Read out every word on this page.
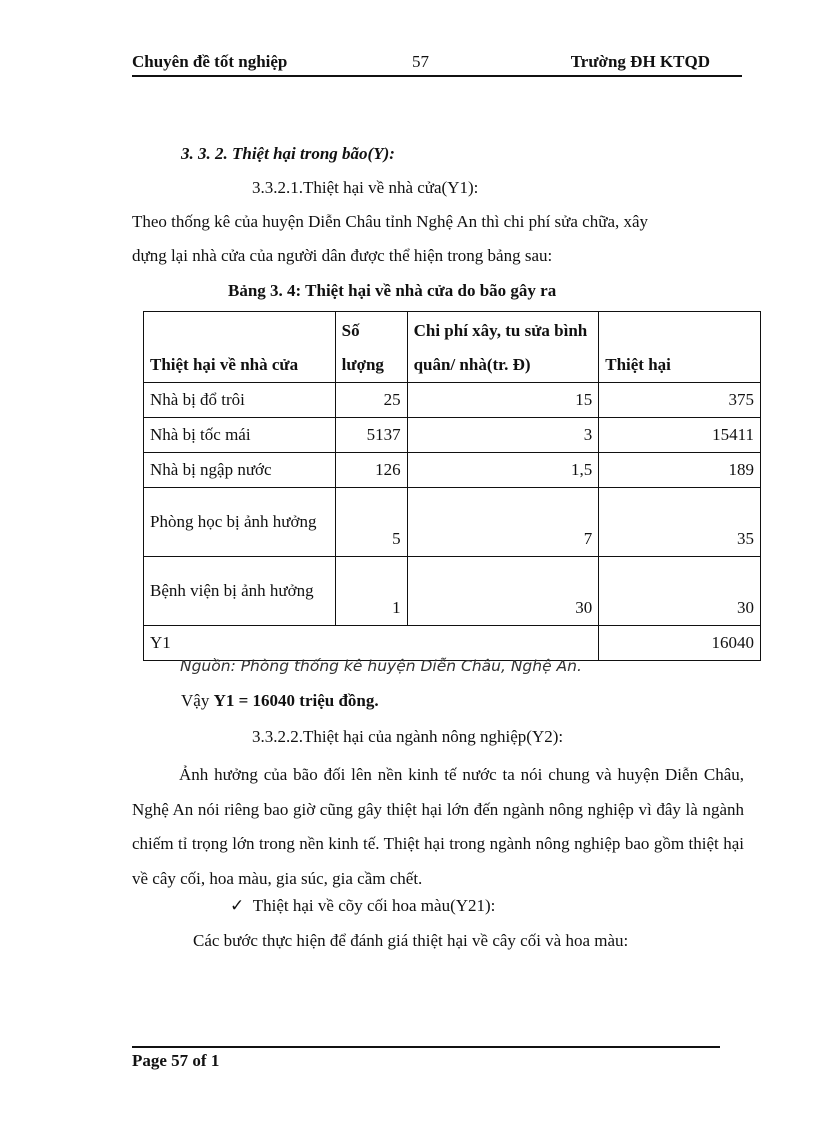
Chuyên đề tốt nghiệp	57	Trường ĐH KTQD
3. 3. 2. Thiệt hại trong bão(Y):
3.3.2.1.Thiệt hại về nhà cửa(Y1):
Theo thống kê của huyện Diễn Châu tỉnh Nghệ An thì chi phí sửa chữa, xây
dựng lại nhà cửa của người dân được thể hiện trong bảng sau:
Bảng 3. 4: Thiệt hại về nhà cửa do bão gây ra
Thiệt hại về nhà cửa	Số lượng	Chi phí xây, tu sửa bình quân/ nhà(tr. Đ)	Thiệt hại
Nhà bị đổ trôi	25	15	375
Nhà bị tốc mái	5137	3	15411
Nhà bị ngập nước	126	1,5	189
Phòng học bị ảnh hưởng	5	7	35
Bệnh viện bị ảnh hưởng	1	30	30
Y1			16040
Nguồn: Phòng thống kê huyện Diễn Châu, Nghệ An.
Vậy Y1 = 16040 triệu đồng.
3.3.2.2.Thiệt hại của ngành nông nghiệp(Y2):
Ảnh hưởng của bão đối lên nền kinh tế nước ta nói chung và huyện Diễn Châu, Nghệ An nói riêng bao giờ cũng gây thiệt hại lớn đến ngành nông nghiệp vì đây là ngành chiếm tỉ trọng lớn trong nền kinh tế. Thiệt hại trong ngành nông nghiệp bao gồm thiệt hại về cây cối, hoa màu, gia súc, gia cầm chết.
✓ Thiệt hại về cõy cối hoa màu(Y21):
Các bước thực hiện để đánh giá thiệt hại về cây cối và hoa màu:
Page 57 of 1
